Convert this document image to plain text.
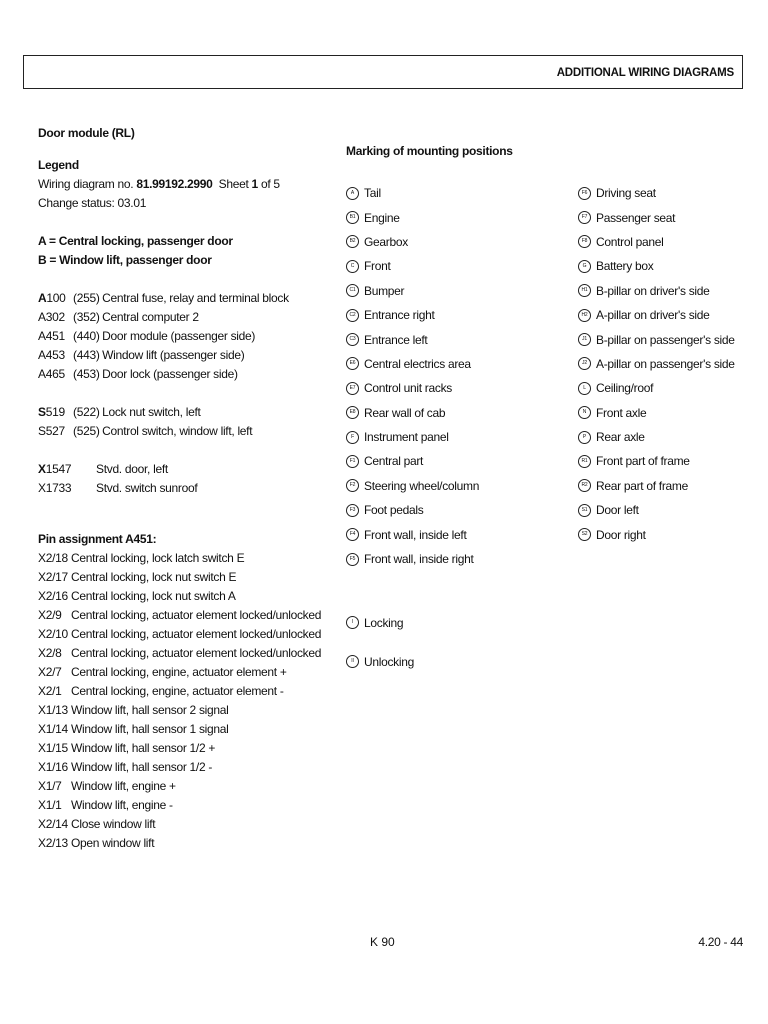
ADDITIONAL WIRING DIAGRAMS
Door module (RL)
Legend
Wiring diagram no. 81.99192.2990 Sheet 1 of 5
Change status: 03.01
A = Central locking, passenger door
B = Window lift, passenger door
A100 (255) Central fuse, relay and terminal block
A302 (352) Central computer 2
A451 (440) Door module (passenger side)
A453 (443) Window lift (passenger side)
A465 (453) Door lock (passenger side)
S519 (522) Lock nut switch, left
S527 (525) Control switch, window lift, left
X1547 Stvd. door, left
X1733 Stvd. switch sunroof
Pin assignment A451:
X2/18 Central locking, lock latch switch E
X2/17 Central locking, lock nut switch E
X2/16 Central locking, lock nut switch A
X2/9 Central locking, actuator element locked/unlocked
X2/10 Central locking, actuator element locked/unlocked
X2/8 Central locking, actuator element locked/unlocked
X2/7 Central locking, engine, actuator element +
X2/1 Central locking, engine, actuator element -
X1/13 Window lift, hall sensor 2 signal
X1/14 Window lift, hall sensor 1 signal
X1/15 Window lift, hall sensor 1/2 +
X1/16 Window lift, hall sensor 1/2 -
X1/7 Window lift, engine +
X1/1 Window lift, engine -
X2/14 Close window lift
X2/13 Open window lift
Marking of mounting positions
A Tail
B1 Engine
B2 Gearbox
C Front
C1 Bumper
C2 Entrance right
C3 Entrance left
E6 Central electrics area
E7 Control unit racks
E8 Rear wall of cab
F Instrument panel
F1 Central part
F2 Steering wheel/column
F3 Foot pedals
F4 Front wall, inside left
F5 Front wall, inside right
F6 Driving seat
F7 Passenger seat
F8 Control panel
G Battery box
H1 B-pillar on driver's side
H2 A-pillar on driver's side
J1 B-pillar on passenger's side
J2 A-pillar on passenger's side
L Ceiling/roof
N Front axle
P Rear axle
R1 Front part of frame
R2 Rear part of frame
S1 Door left
S2 Door right
I Locking
II Unlocking
K 90	4.20 - 44
